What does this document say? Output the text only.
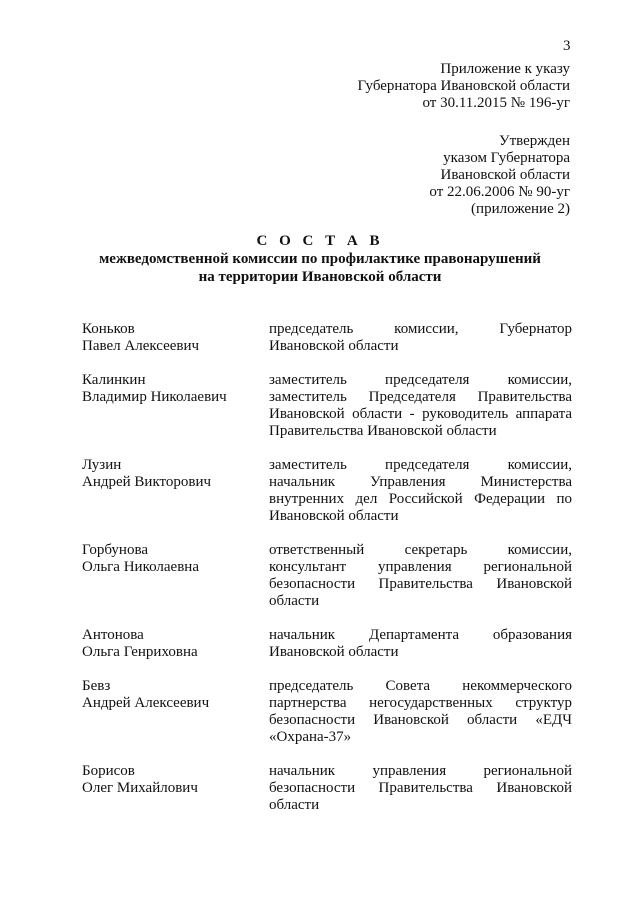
3
Приложение к указу
Губернатора Ивановской области
от 30.11.2015 № 196-уг
Утвержден
указом Губернатора
Ивановской области
от 22.06.2006 № 90-уг
(приложение 2)
С О С Т А В
межведомственной комиссии по профилактике правонарушений
на территории Ивановской области
Коньков
Павел Алексеевич
председатель комиссии, Губернатор
Ивановской области
Калинкин
Владимир Николаевич
заместитель председателя комиссии,
заместитель Председателя Правительства
Ивановской области - руководитель аппарата
Правительства Ивановской области
Лузин
Андрей Викторович
заместитель председателя комиссии,
начальник Управления Министерства
внутренних дел Российской Федерации по
Ивановской области
Горбунова
Ольга Николаевна
ответственный секретарь комиссии,
консультант управления региональной
безопасности Правительства Ивановской
области
Антонова
Ольга Генриховна
начальник Департамента образования
Ивановской области
Бевз
Андрей Алексеевич
председатель Совета некоммерческого
партнерства негосударственных структур
безопасности Ивановской области «ЕДЧ
«Охрана-37»
Борисов
Олег Михайлович
начальник управления региональной
безопасности Правительства Ивановской
области
